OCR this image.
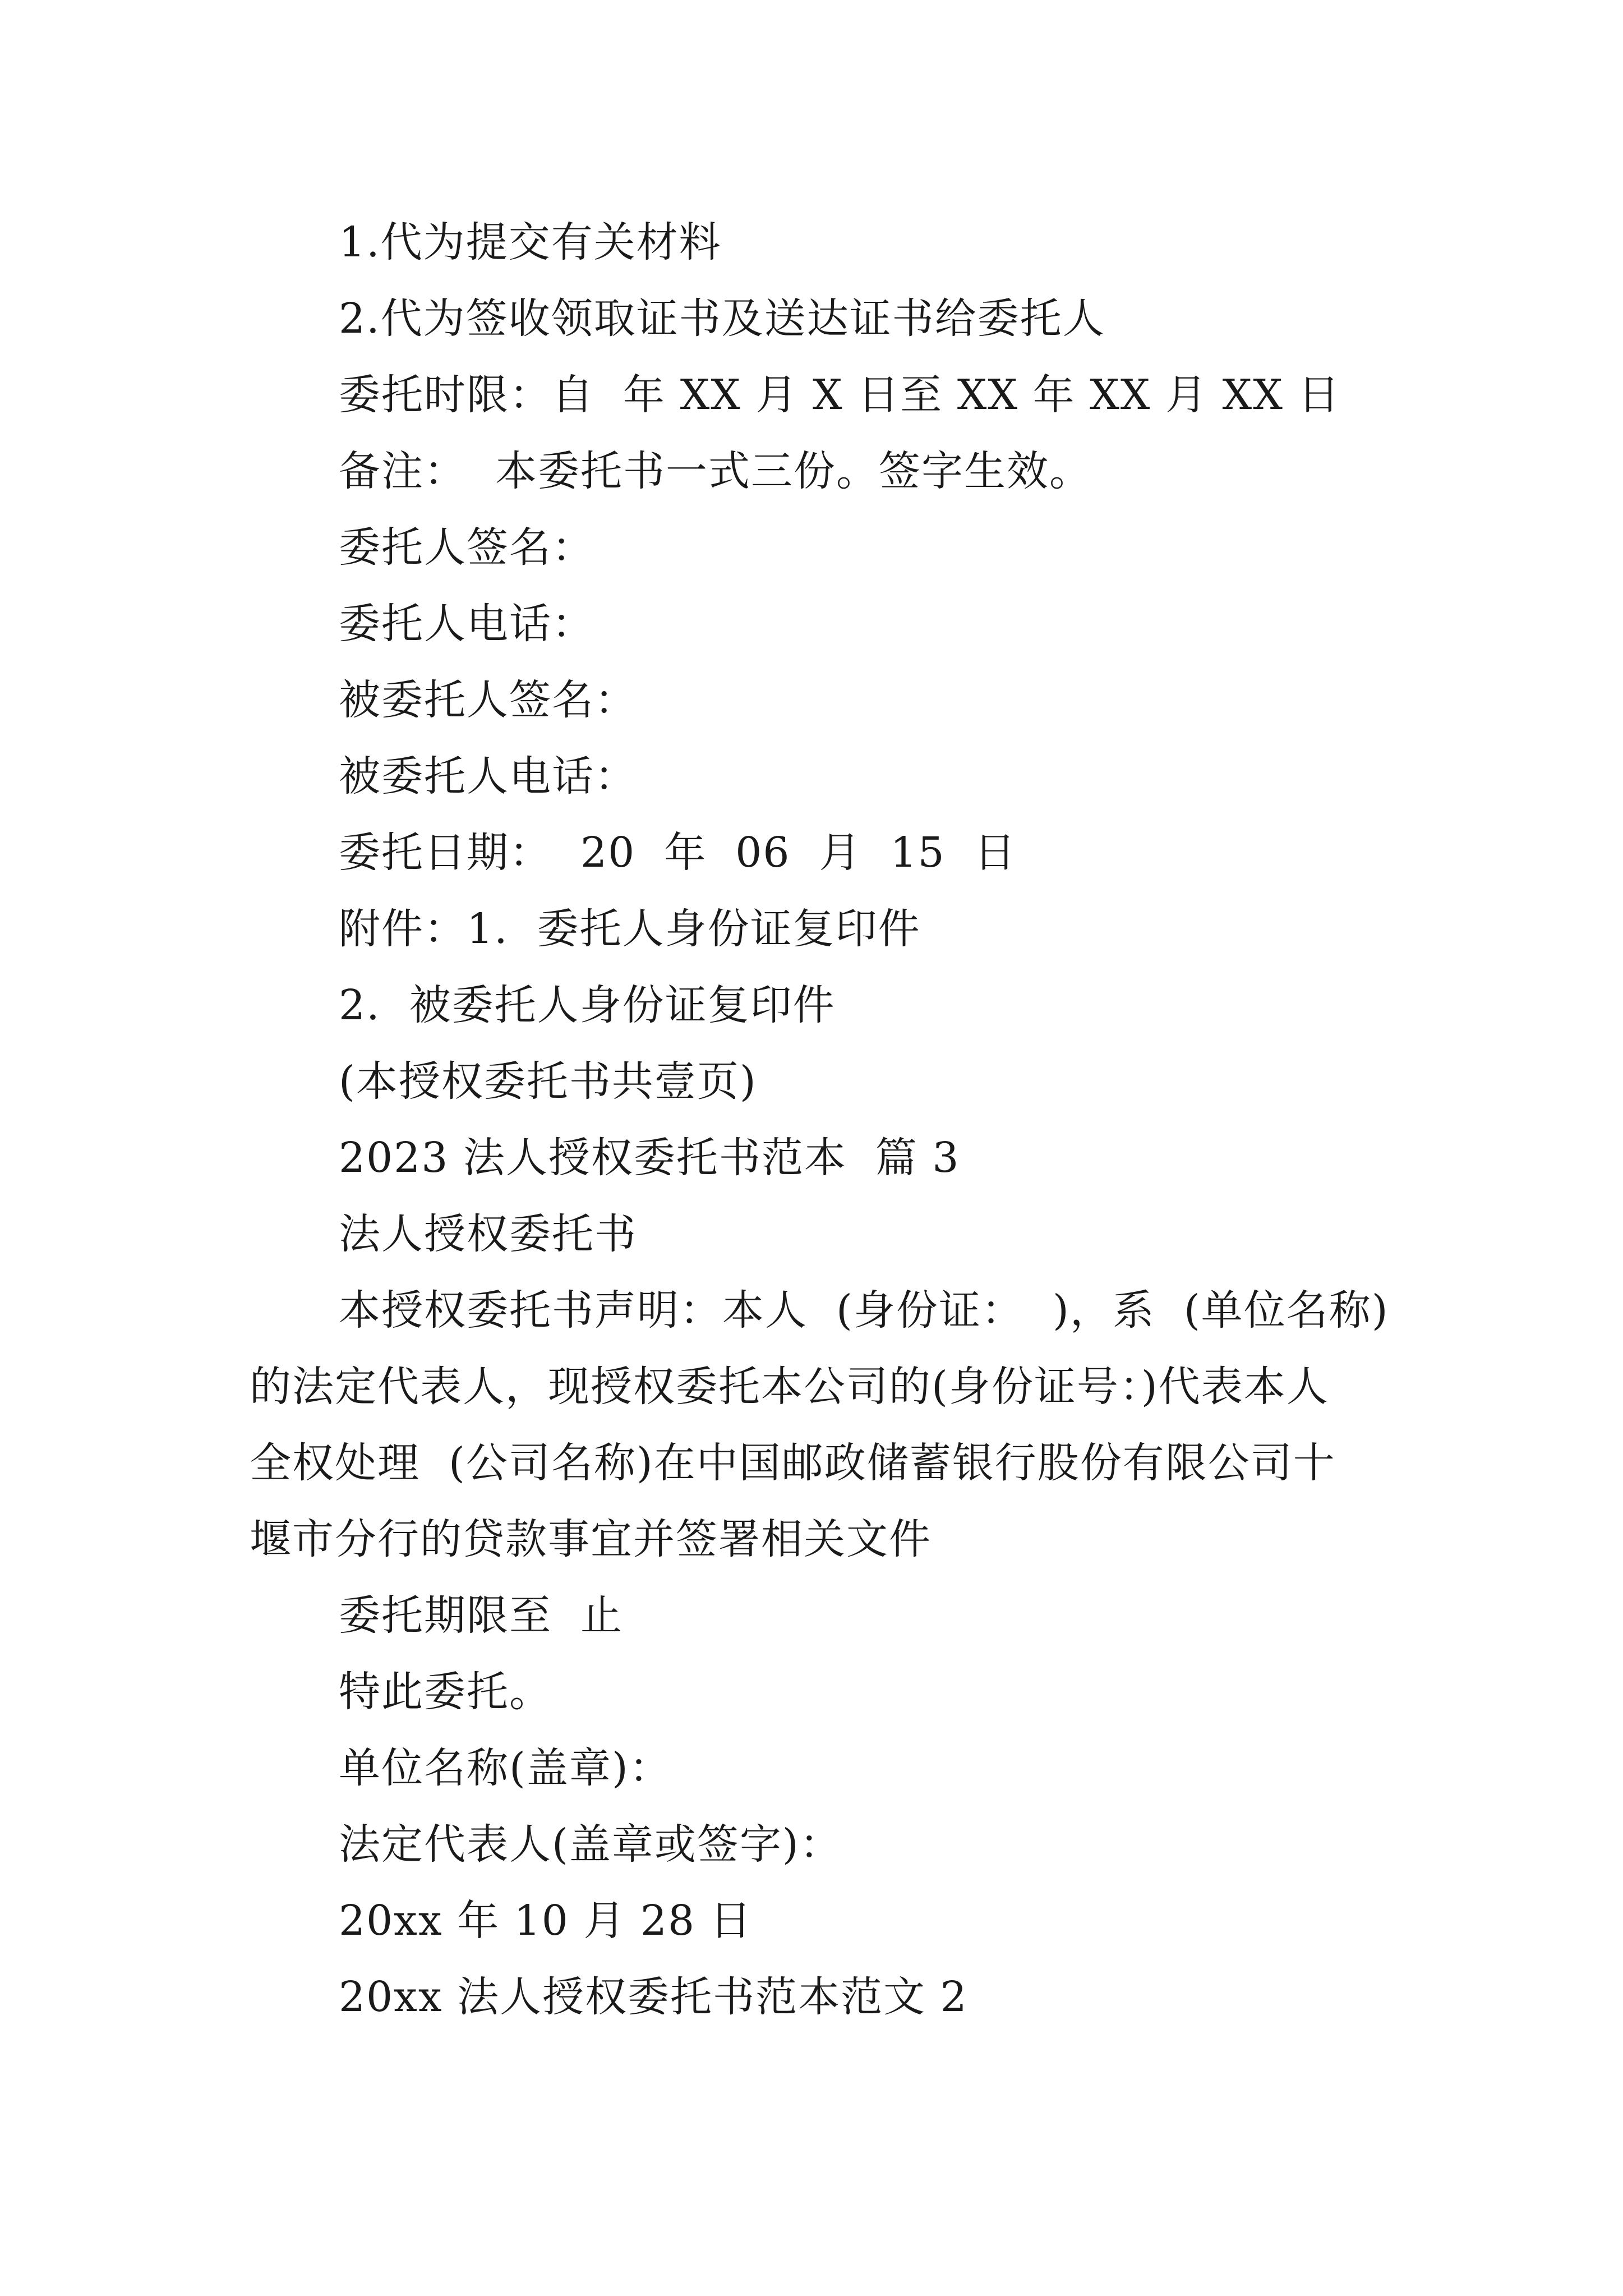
1.代为提交有关材料
2.代为签收领取证书及送达证书给委托人
委托时限：自  年 XX 月 X 日至 XX 年 XX 月 XX 日
备注：  本委托书一式三份。签字生效。
委托人签名：
委托人电话：
被委托人签名：
被委托人电话：
委托日期：  20  年  06  月  15  日
附件：1.  委托人身份证复印件
2.  被委托人身份证复印件
(本授权委托书共壹页)
2023 法人授权委托书范本  篇 3
法人授权委托书
本授权委托书声明：本人  (身份证：  )，系  (单位名称)
的法定代表人，现授权委托本公司的(身份证号：)代表本人
全权处理  (公司名称)在中国邮政储蓄银行股份有限公司十
堰市分行的贷款事宜并签署相关文件
委托期限至  止
特此委托。
单位名称(盖章)：
法定代表人(盖章或签字)：
20xx 年 10 月 28 日
20xx 法人授权委托书范本范文 2
